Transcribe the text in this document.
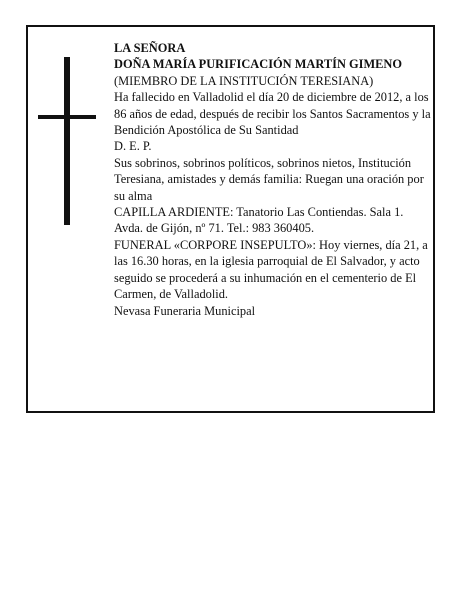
LA SEÑORA

DOÑA MARÍA PURIFICACIÓN MARTÍN GIMENO

(MIEMBRO DE LA INSTITUCIÓN TERESIANA)

Ha fallecido en Valladolid el día 20 de diciembre de 2012, a los 86 años de edad, después de recibir los Santos Sacramentos y la Bendición Apostólica de Su Santidad

D. E. P.

Sus sobrinos, sobrinos políticos, sobrinos nietos, Institución Teresiana, amistades y demás familia: Ruegan una oración por su alma

CAPILLA ARDIENTE: Tanatorio Las Contiendas. Sala 1. Avda. de Gijón, nº 71. Tel.: 983 360405.

FUNERAL «CORPORE INSEPULTO»: Hoy viernes, día 21, a las 16.30 horas, en la iglesia parroquial de El Salvador, y acto seguido se procederá a su inhumación en el cementerio de El Carmen, de Valladolid.

Nevasa Funeraria Municipal
